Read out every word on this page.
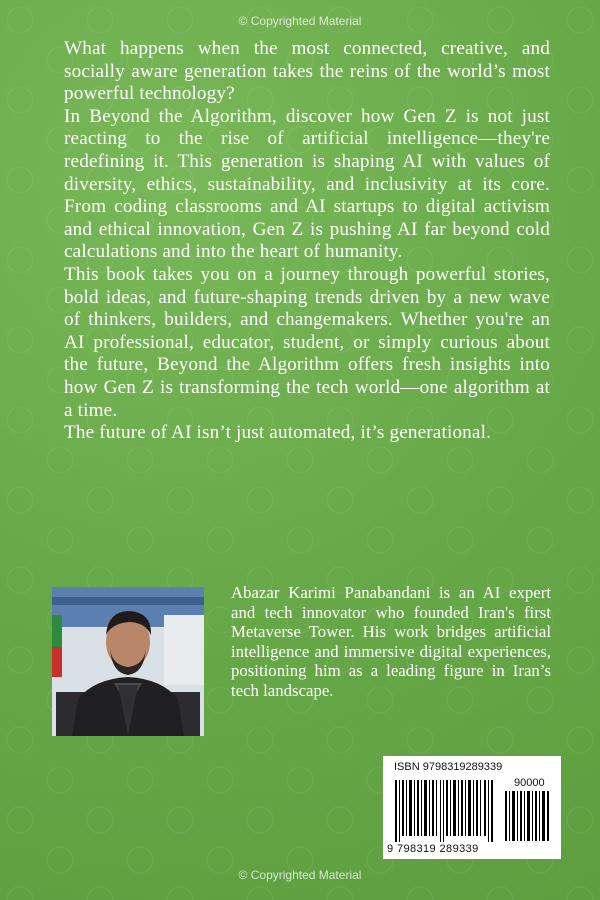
© Copyrighted Material

What happens when the most connected, creative, and socially aware generation takes the reins of the world’s most powerful technology?

In Beyond the Algorithm, discover how Gen Z is not just reacting to the rise of artificial intelligence—they're redefining it. This generation is shaping AI with values of diversity, ethics, sustainability, and inclusivity at its core. From coding classrooms and AI startups to digital activism and ethical innovation, Gen Z is pushing AI far beyond cold calculations and into the heart of humanity.

This book takes you on a journey through powerful stories, bold ideas, and future-shaping trends driven by a new wave of thinkers, builders, and changemakers. Whether you're an AI professional, educator, student, or simply curious about the future, Beyond the Algorithm offers fresh insights into how Gen Z is transforming the tech world—one algorithm at a time.

The future of AI isn’t just automated, it’s generational.

Abazar Karimi Panabandani is an AI expert and tech innovator who founded Iran's first Metaverse Tower. His work bridges artificial intelligence and immersive digital experiences, positioning him as a leading figure in Iran’s tech landscape.

ISBN 9798319289339
90000
9 798319 289339
© Copyrighted Material
